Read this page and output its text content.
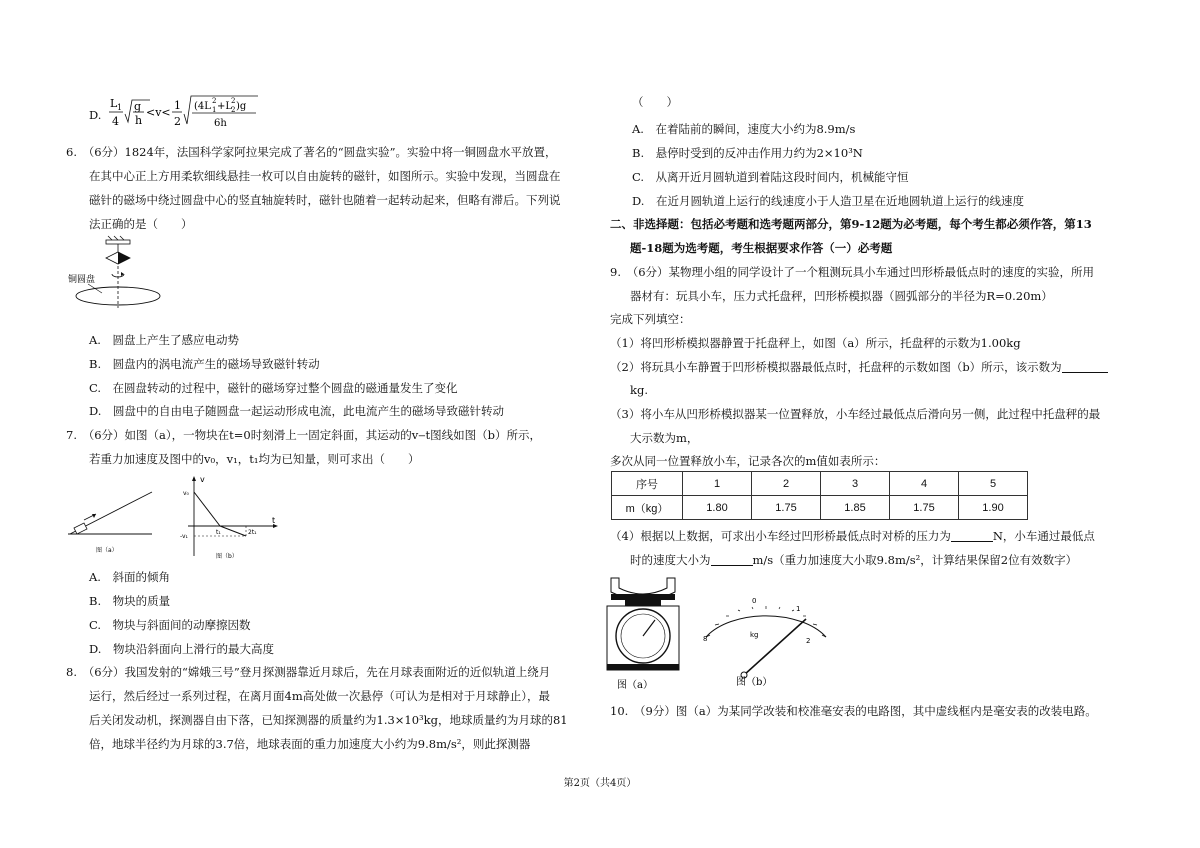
D.
L 1
4
g
h
<v<
1
2
(4L 1
2 +L
2
2 )g
6h
6.　（6分）1824年，法国科学家阿拉果完成了著名的“圆盘实验”。实验中将一铜圆盘水平放置，
在其中心正上方用柔软细线悬挂一枚可以自由旋转的磁针，如图所示。实验中发现，当圆盘在
磁针的磁场中绕过圆盘中心的竖直轴旋转时，磁针也随着一起转动起来，但略有滞后。下列说
法正确的是（　　）
铜圆盘
A.　圆盘上产生了感应电动势
B.　圆盘内的涡电流产生的磁场导致磁针转动
C.　在圆盘转动的过程中，磁针的磁场穿过整个圆盘的磁通量发生了变化
D.　圆盘中的自由电子随圆盘一起运动形成电流，此电流产生的磁场导致磁针转动
7.　（6分）如图（a），一物块在t=0时刻滑上一固定斜面，其运动的v‒t图线如图（b）所示，
若重力加速度及图中的v₀，v₁，t₁均为已知量，则可求出（　　）
图（a）
v
t
v₀
-v₁
t₁	2t₁
图（b）
A.　斜面的倾角
B.　物块的质量
C.　物块与斜面间的动摩擦因数
D.　物块沿斜面向上滑行的最大高度
8.　（6分）我国发射的“嫦娥三号”登月探测器靠近月球后，先在月球表面附近的近似轨道上绕月
运行，然后经过一系列过程，在离月面4m高处做一次悬停（可认为是相对于月球静止），最
后关闭发动机，探测器自由下落，已知探测器的质量约为1.3×10³kg，地球质量约为月球的81
倍，地球半径约为月球的3.7倍，地球表面的重力加速度大小约为9.8m/s²，则此探测器
（　　）
A.　在着陆前的瞬间，速度大小约为8.9m/s
B.　悬停时受到的反冲击作用力约为2×10³N
C.　从离开近月圆轨道到着陆这段时间内，机械能守恒
D.　在近月圆轨道上运行的线速度小于人造卫星在近地圆轨道上运行的线速度
二、非选择题：包括必考题和选考题两部分，第9-12题为必考题，每个考生都必须作答，第13
题-18题为选考题，考生根据要求作答（一）必考题
9.　（6分）某物理小组的同学设计了一个粗测玩具小车通过凹形桥最低点时的速度的实验，所用
器材有：玩具小车，压力式托盘秤，凹形桥模拟器（圆弧部分的半径为R=0.20m）
完成下列填空：
（1）将凹形桥模拟器静置于托盘秤上，如图（a）所示，托盘秤的示数为1.00kg
（2）将玩具小车静置于凹形桥模拟器最低点时，托盘秤的示数如图（b）所示，该示数为
kg.
（3）将小车从凹形桥模拟器某一位置释放，小车经过最低点后滑向另一侧，此过程中托盘秤的最
大示数为m，
多次从同一位置释放小车，记录各次的m值如表所示：
序号	1	2	3	4	5
m（kg）	1.80	1.75	1.85	1.75	1.90
（4）根据以上数据，可求出小车经过凹形桥最低点时对桥的压力为	N，小车通过最低点
时的速度大小为	m/s（重力加速度大小取9.8m/s²，计算结果保留2位有效数字）
图（a）
0
1
2
8	kg
图（b）
10.　（9分）图（a）为某同学改装和校准毫安表的电路图，其中虚线框内是毫安表的改装电路。
第2页（共4页）
